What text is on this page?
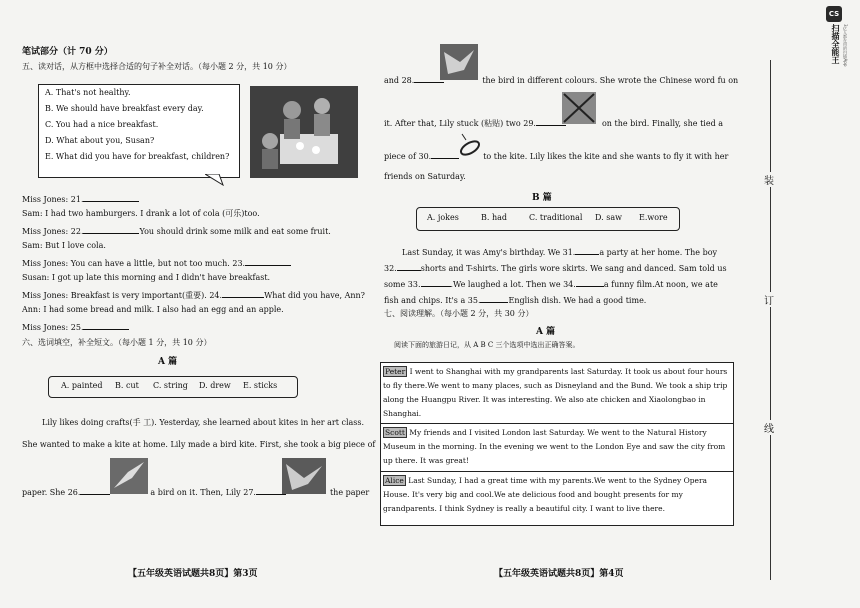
笔试部分（计 70 分）
五、读对话，从方框中选择合适的句子补全对话。（每小题 2 分，共 10 分）
A. That's not healthy.
B. We should have breakfast every day.
C. You had a nice breakfast.
D. What about you, Susan?
E. What did you have for breakfast, children?
Miss Jones: 21.
Sam: I had two hamburgers. I drank a lot of cola (可乐)too.
Miss Jones: 22.	You should drink some milk and eat some fruit.
Sam: But I love cola.
Miss Jones: You can have a little, but not too much. 23.
Susan: I got up late this morning and I didn't have breakfast.
Miss Jones: Breakfast is very important(重要). 24.	What did you have, Ann?
Ann: I had some bread and milk. I also had an egg and an apple.
Miss Jones: 25.
六、选词填空，补全短文。（每小题 1 分，共 10 分）
A 篇
A. painted B. cut C. string D. drew E. sticks
Lily likes doing crafts(手 工). Yesterday, she learned about kites in her art class.
She wanted to make a kite at home. Lily made a bird kite. First, she took a big piece of
paper. She 26.	a bird on it. Then, Lily 27.	the paper
【五年级英语试题共8页】第3页
and 28.	the bird in different colours. She wrote the Chinese word fu on
it. After that, Lily stuck (粘贴) two 29.	on the bird. Finally, she tied a
piece of 30.	to the kite. Lily likes the kite and she wants to fly it with her
friends on Saturday.
B 篇
A. jokes	B. had	C. traditional D. saw E.wore
Last Sunday, it was Amy's birthday. We 31.	a party at her home. The boy
32.	shorts and T-shirts. The girls wore skirts. We sang and danced. Sam told us
some 33.	.We laughed a lot. Then we 34.	a funny film.At noon, we ate
fish and chips. It's a 35.	English dish. We had a good time.
七、阅读理解。（每小题 2 分，共 30 分）
A 篇
阅读下面的旅游日记，从 A B C 三个选项中选出正确答案。
Peter I went to Shanghai with my grandparents last Saturday. It took us about four hours
to fly there.We went to many places, such as Disneyland and the Bund. We took a ship trip
along the Huangpu River. It was interesting. We also ate chicken and Xiaolongbao in
Shanghai.
Scott My friends and I visited London last Saturday. We went to the Natural History
Museum in the morning. In the evening we went to the London Eye and saw the city from
up there. It was great!
Alice Last Sunday, I had a great time with my parents.We went to the Sydney Opera
House. It's very big and cool.We ate delicious food and bought presents for my
grandparents. I think Sydney is really a beautiful city. I want to live there.
【五年级英语试题共8页】第4页
装
订
线
CS
扫描全能王 3亿人都在用的扫描App
